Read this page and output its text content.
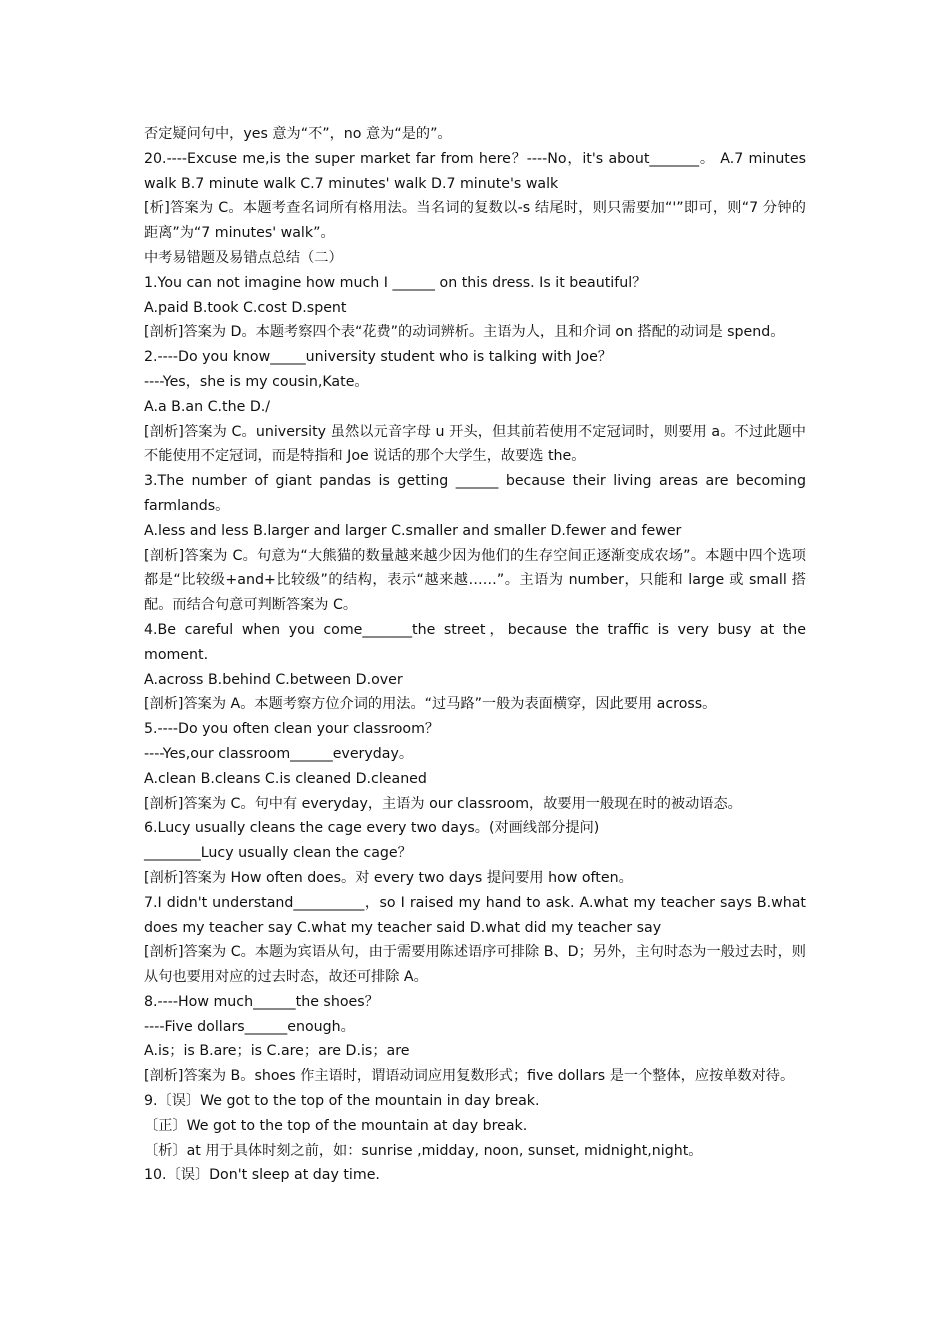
否定疑问句中，yes 意为“不”，no 意为“是的”。

20.----Excuse me,is the super market far from here？----No，it's about_______。 A.7 minutes walk B.7 minute walk C.7 minutes' walk D.7 minute's walk

[析]答案为 C。本题考查名词所有格用法。当名词的复数以-s 结尾时，则只需要加“'”即可，则“7 分钟的距离”为“7 minutes' walk”。

中考易错题及易错点总结（二）

1.You can not imagine how much I ______ on this dress. Is it beautiful？

A.paid B.took C.cost D.spent

[剖析]答案为 D。本题考察四个表“花费”的动词辨析。主语为人，且和介词 on 搭配的动词是 spend。

2.----Do you know_____university student who is talking with Joe？

----Yes，she is my cousin,Kate。

A.a B.an C.the D./

[剖析]答案为 C。university 虽然以元音字母 u 开头，但其前若使用不定冠词时，则要用 a。不过此题中不能使用不定冠词，而是特指和 Joe 说话的那个大学生，故要选 the。

3.The number of giant pandas is getting ______ because their living areas are becoming farmlands。

A.less and less B.larger and larger C.smaller and smaller D.fewer and fewer

[剖析]答案为 C。句意为“大熊猫的数量越来越少因为他们的生存空间正逐渐变成农场”。本题中四个选项都是“比较级+and+比较级”的结构，表示“越来越……”。主语为 number，只能和 large 或 small 搭配。而结合句意可判断答案为 C。

4.Be careful when you come_______the street，because the traffic is very busy at the moment.

A.across B.behind C.between D.over

[剖析]答案为 A。本题考察方位介词的用法。“过马路”一般为表面横穿，因此要用 across。

5.----Do you often clean your classroom？

----Yes,our classroom______everyday。

A.clean B.cleans C.is cleaned D.cleaned

[剖析]答案为 C。句中有 everyday，主语为 our classroom，故要用一般现在时的被动语态。

6.Lucy usually cleans the cage every two days。(对画线部分提问)

________Lucy usually clean the cage？

[剖析]答案为 How often does。对 every two days 提问要用 how often。

7.I didn't understand__________，so I raised my hand to ask. A.what my teacher says B.what does my teacher say C.what my teacher said D.what did my teacher say

[剖析]答案为 C。本题为宾语从句，由于需要用陈述语序可排除 B、D；另外，主句时态为一般过去时，则从句也要用对应的过去时态，故还可排除 A。

8.----How much______the shoes？

----Five dollars______enough。

A.is；is B.are；is C.are；are D.is；are

[剖析]答案为 B。shoes 作主语时，谓语动词应用复数形式；five dollars 是一个整体，应按单数对待。

9.〔误〕We got to the top of the mountain in day break.

〔正〕We got to the top of the mountain at day break.

〔析〕at 用于具体时刻之前，如：sunrise ,midday, noon, sunset, midnight,night。

10.〔误〕Don't sleep at day time.
